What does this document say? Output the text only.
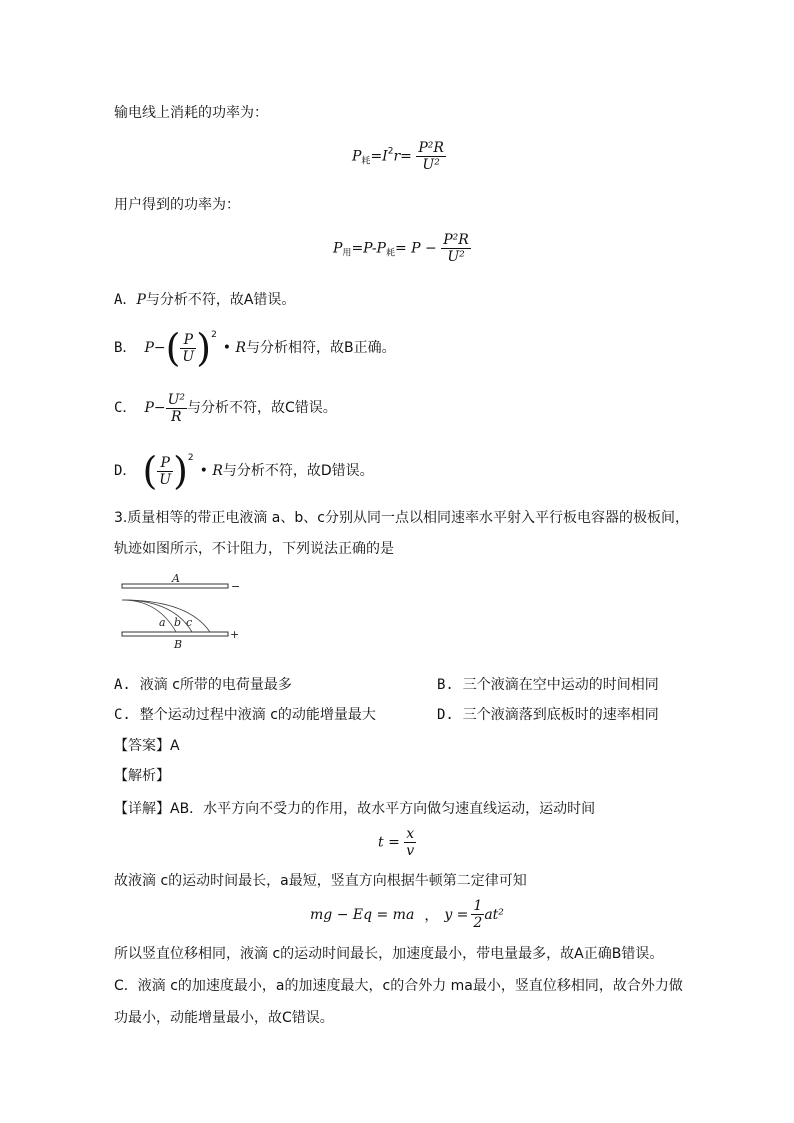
输电线上消耗的功率为：
$P_耗=I^2r= \frac{\text{P²R}}{\text{U²}}$
用户得到的功率为：
$P_用=P-P_耗= P - \frac{\text{P²R}}{\text{U²}}$
A．P与分析不符，故A错误。
B． P− ( $\frac{P}{U}$ ) 2
• R 与分析相符，故B正确。
C． $P- \frac{\text{U²}}{R}$ 与分析不符，故C错误。
D． ( $\frac{P}{U}$ ) 2
• R 与分析不符，故D错误。
3.质量相等的带正电液滴 a、b、c分别从同一点以相同速率水平射入平行板电容器的极板间，
轨迹如图所示，不计阻力，下列说法正确的是
A
B
−
+
a b c
A. 液滴 c所带的电荷量最多	B. 三个液滴在空中运动的时间相同
C. 整个运动过程中液滴 c的动能增量最大	D. 三个液滴落到底板时的速率相同
【答案】A
【解析】
【详解】AB．水平方向不受力的作用，故水平方向做匀速直线运动，运动时间
$t = \frac{x}{v}$
故液滴 c的运动时间最长，a最短，竖直方向根据牛顿第二定律可知
mg − Eq = ma ， $y = \frac{1}{2} at^2$
所以竖直位移相同，液滴 c的运动时间最长，加速度最小，带电量最多，故A正确B错误。
C．液滴 c的加速度最小，a的加速度最大，c的合外力 ma最小，竖直位移相同，故合外力做
功最小，动能增量最小，故C错误。
